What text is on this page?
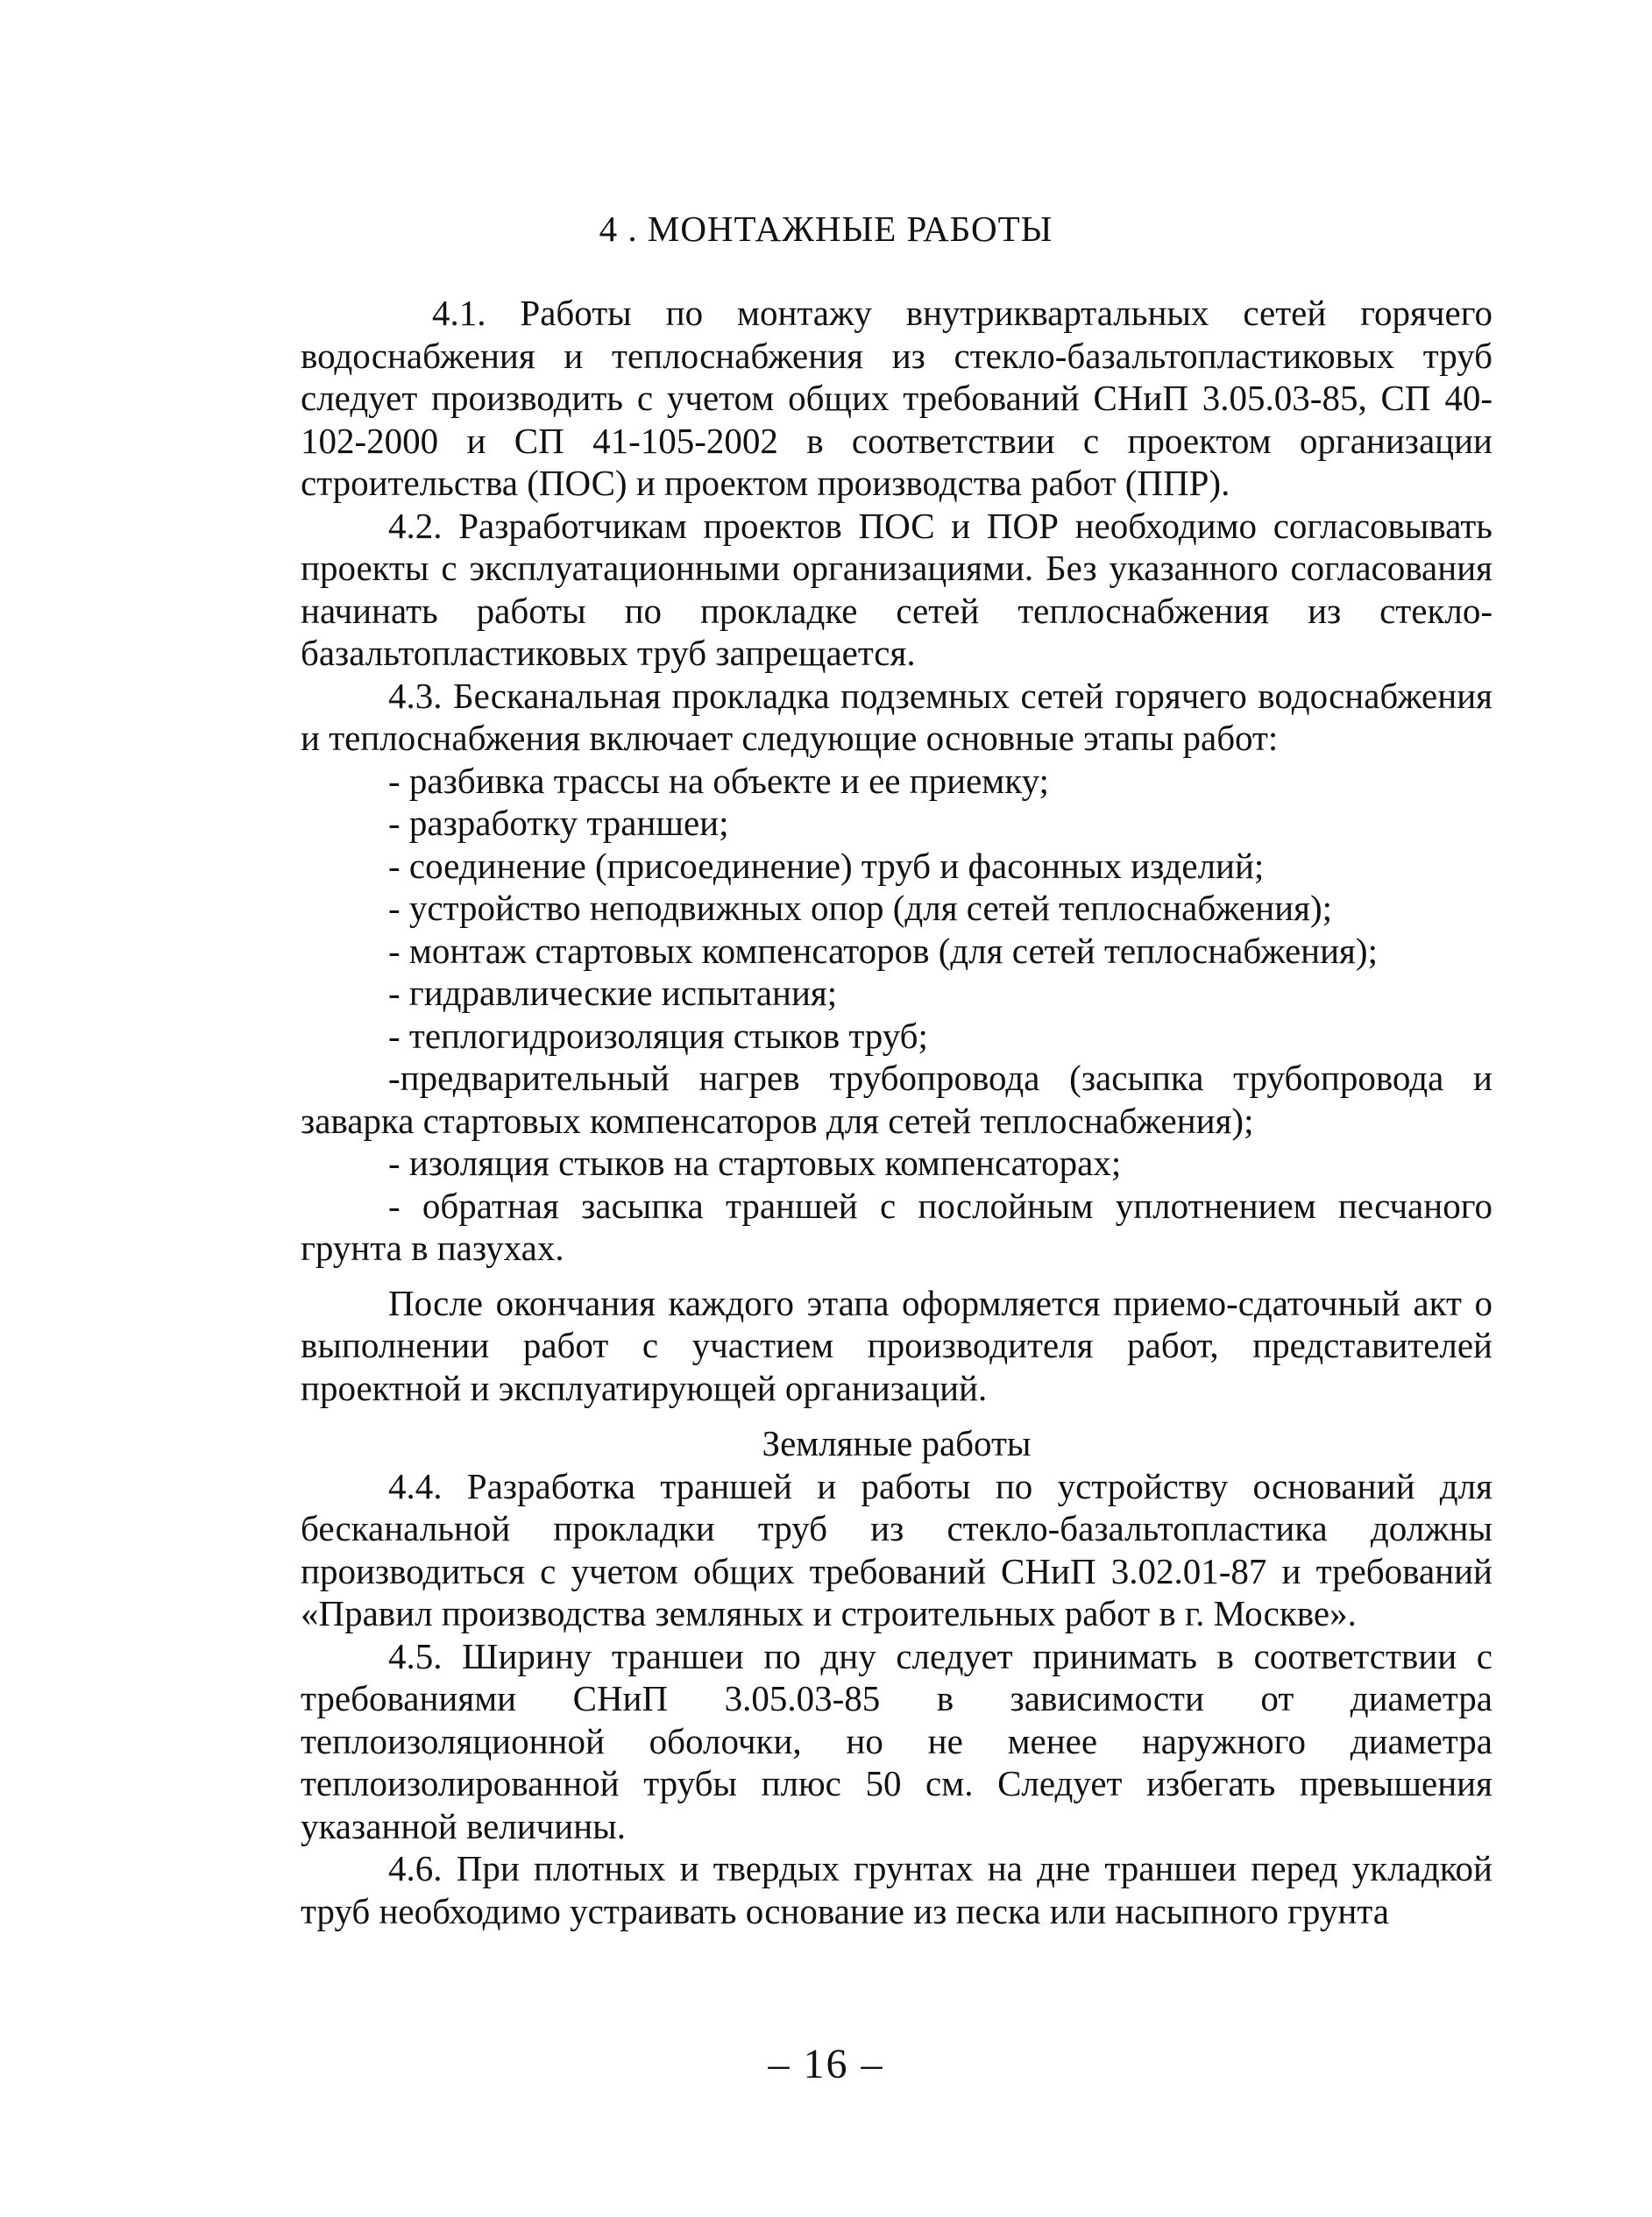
4 . МОНТАЖНЫЕ РАБОТЫ

4.1. Работы по монтажу внутриквартальных сетей горячего водоснабжения и теплоснабжения из стекло-базальтопластиковых труб следует производить с учетом общих требований СНиП 3.05.03-85, СП 40-102-2000 и СП 41-105-2002 в соответствии с проектом организации строительства (ПОС) и проектом производства работ (ППР).

4.2. Разработчикам проектов ПОС и ПОР необходимо согласовывать проекты с эксплуатационными организациями. Без указанного согласования начинать работы по прокладке сетей теплоснабжения из стекло-базальтопластиковых труб запрещается.

4.3. Бесканальная прокладка подземных сетей горячего водоснабжения и теплоснабжения включает следующие основные этапы работ:

- разбивка трассы на объекте и ее приемку;

- разработку траншеи;

- соединение (присоединение) труб и фасонных изделий;

- устройство неподвижных опор (для сетей теплоснабжения);

- монтаж стартовых компенсаторов (для сетей теплоснабжения);

- гидравлические испытания;

- теплогидроизоляция стыков труб;

-предварительный нагрев трубопровода (засыпка трубопровода и заварка стартовых компенсаторов для сетей теплоснабжения);

- изоляция стыков на стартовых компенсаторах;

- обратная засыпка траншей с послойным уплотнением песчаного грунта в пазухах.

После окончания каждого этапа оформляется приемо-сдаточный акт о выполнении работ с участием производителя работ, представителей проектной и эксплуатирующей организаций.

Земляные работы

4.4. Разработка траншей и работы по устройству оснований для бесканальной прокладки труб из стекло-базальтопластика должны производиться с учетом общих требований СНиП 3.02.01-87 и требований «Правил производства земляных и строительных работ в г. Москве».

4.5. Ширину траншеи по дну следует принимать в соответствии с требованиями СНиП 3.05.03-85 в зависимости от диаметра теплоизоляционной оболочки, но не менее наружного диаметра теплоизолированной трубы плюс 50 см. Следует избегать превышения указанной величины.

4.6. При плотных и твердых грунтах на дне траншеи перед укладкой труб необходимо устраивать основание из песка или насыпного грунта

– 16 –
